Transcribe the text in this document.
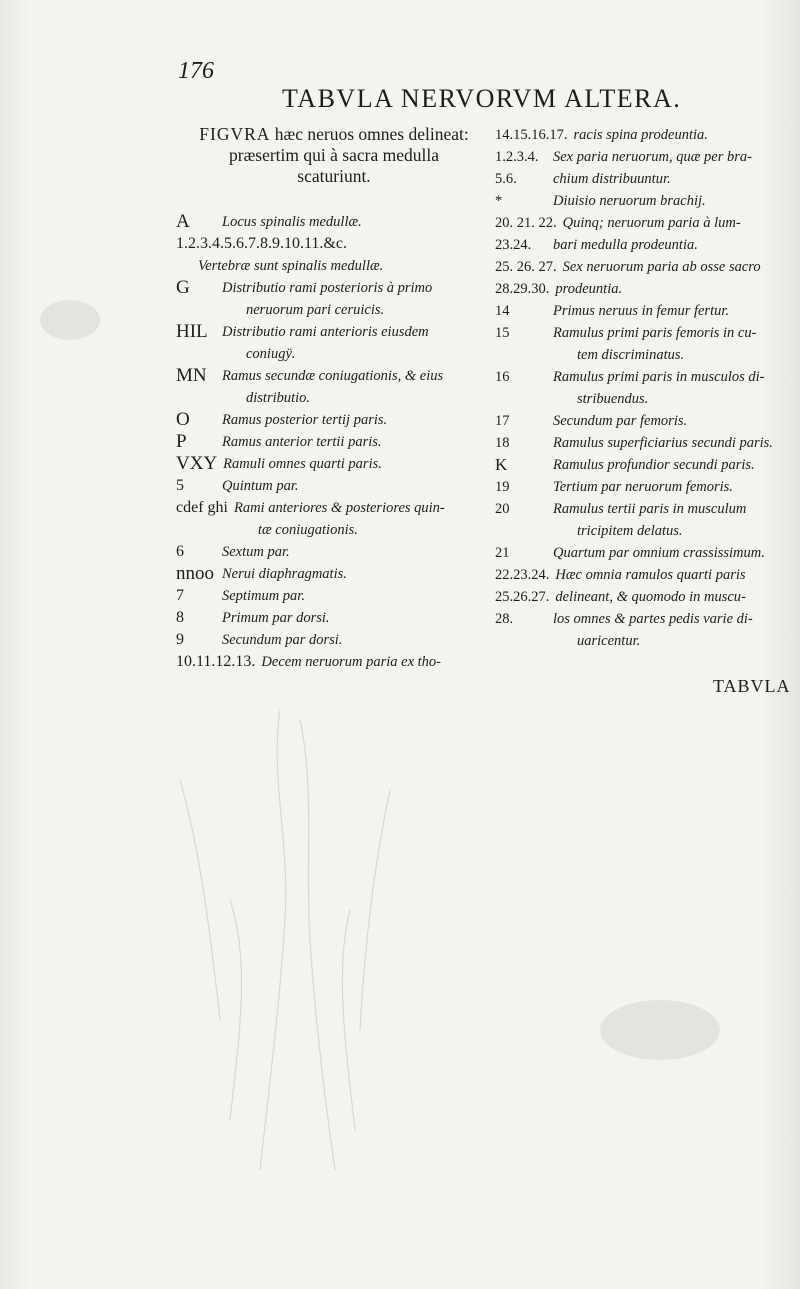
176
TABVLA NERVORVM ALTERA.
FIGVRA hæc neruos omnes delineat:
præsertim qui à sacra medulla
scaturiunt.
A	Locus spinalis medullæ.
1.2.3.4.5.6.7.8.9.10.11.&c.
Vertebræ sunt spinalis medullæ.
G	Distributio rami posterioris à primo
neruorum pari ceruicis.
HIL Distributio rami anterioris eiusdem
coniugÿ.
MN	Ramus secundæ coniugationis, & eius
distributio.
O	Ramus posterior tertij paris.
P	Ramus anterior tertii paris.
VXY Ramuli omnes quarti paris.
5	Quintum par.
cdef ghi Rami anteriores & posteriores quin-
tæ coniugationis.
6	Sextum par.
nnoo Nerui diaphragmatis.
7	Septimum par.
8	Primum par dorsi.
9	Secundum par dorsi.
10.11.12.13. Decem neruorum paria ex tho-
14.15.16.17. racis spina prodeuntia.
1.2.3.4.	Sex paria neruorum, quæ per bra-
5.6.	chium distribuuntur.
*	Diuisio neruorum brachij.
20. 21. 22. Quinq; neruorum paria à lum-
23.24.	bari medulla prodeuntia.
25. 26. 27. Sex neruorum paria ab osse sacro
28.29.30. prodeuntia.
14	Primus neruus in femur fertur.
15	Ramulus primi paris femoris in cu-
tem discriminatus.
16	Ramulus primi paris in musculos di-
stribuendus.
17	Secundum par femoris.
18	Ramulus superficiarius secundi paris.
K	Ramulus profundior secundi paris.
19	Tertium par neruorum femoris.
20	Ramulus tertii paris in musculum
tricipitem delatus.
21	Quartum par omnium crassissimum.
22.23.24. Hæc omnia ramulos quarti paris
25.26.27. delineant, & quomodo in muscu-
28.	los omnes & partes pedis varie di-
uaricentur.
TABVLA
